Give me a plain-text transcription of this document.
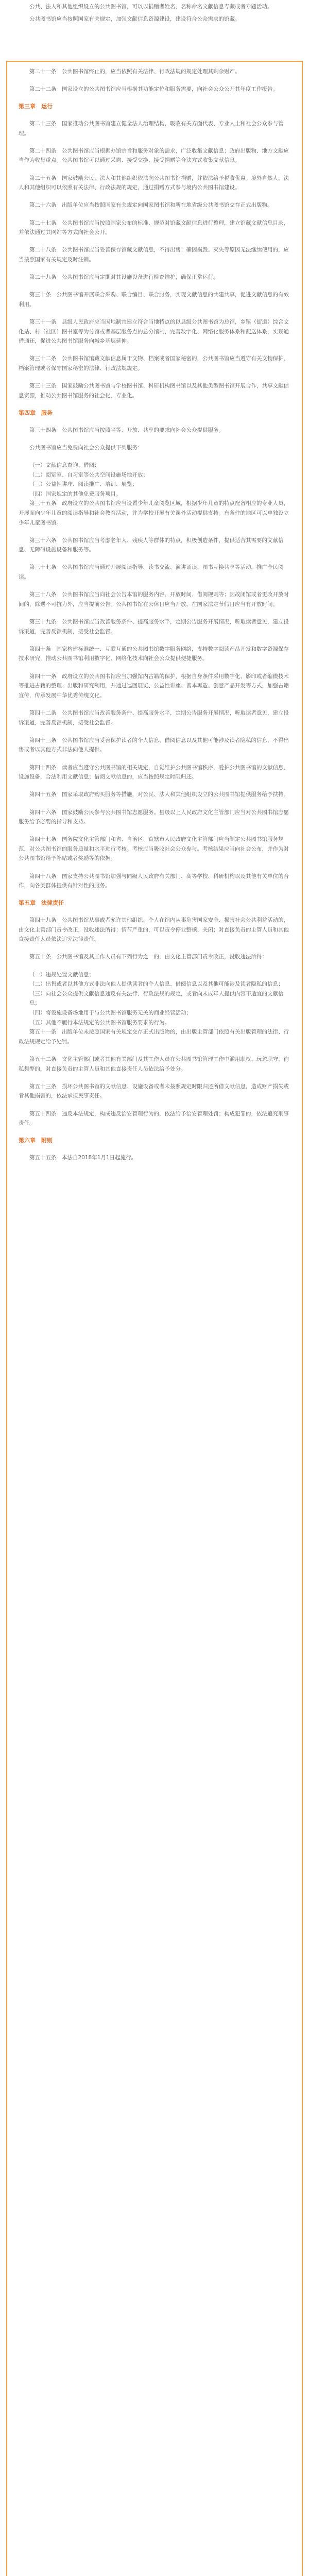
公共、法人和其他组织设立的公共图书馆，可以以捐赠者姓名、名称命名文献信息专藏或者专题活动。

公共图书馆应当按照国家有关规定，加强文献信息资源建设，建设符合公众需求的馆藏。

第二十一条　 公共图书馆终止的，应当依照有关法律、行政法规的规定处理其剩余财产。

第二十二条　 国家设立的公共图书馆应当根据其功能定位和服务需要，向社会公众公开其年度工作报告。

第三章　运行

第二十三条　 国家推动公共图书馆建立健全法人治理结构，吸收有关方面代表、专业人士和社会公众参与管理。

第二十四条　 公共图书馆应当根据办馆宗旨和服务对象的需求，广泛收集文献信息；政府出版物、地方文献应当作为收集重点。公共图书馆可以通过采购、接受交换、接受捐赠等合法方式收集文献信息。

第二十五条　 国家鼓励公民、法人和其他组织依法向公共图书馆捐赠，并依法给予税收优惠。境外自然人、法人和其他组织可以依照有关法律、行政法规的规定，通过捐赠方式参与境内公共图书馆建设。

第二十六条　 出版单位应当按照国家有关规定向国家图书馆和所在地省级公共图书馆交存正式出版物。

第二十七条　 公共图书馆应当按照国家公布的标准、规范对馆藏文献信息进行整理，建立馆藏文献信息目录，并依法通过其网站等方式向社会公开。

第二十八条　 公共图书馆应当妥善保存馆藏文献信息，不得出售；确因损毁、灭失等原因无法继续使用的，应当按照国家有关规定及时注销。

第二十九条　 公共图书馆应当定期对其设施设备进行检查维护，确保正常运行。

第三十条　 公共图书馆开展联合采购、联合编目、联合服务，实现文献信息的共建共享，促进文献信息的有效利用。

第三十一条　 县级人民政府应当因地制宜建立符合当地特点的以县级公共图书馆为总馆，乡镇（街道）综合文化站、村（社区）图书室等为分馆或者基层服务点的总分馆制，完善数字化、网络化服务体系和配送体系，实现通借通还，促进公共图书馆服务向城乡基层延伸。

第三十二条　 公共图书馆馆藏文献信息属于文物、档案或者国家秘密的，公共图书馆应当遵守有关文物保护、档案管理或者保守国家秘密的法律、行政法规规定。

第三十三条　 国家鼓励公共图书馆与学校图书馆、科研机构图书馆以及其他类型图书馆开展合作，共享文献信息资源，推动公共图书馆服务的社会化、专业化。

第四章　服务

第三十四条　 公共图书馆应当按照平等、开放、共享的要求向社会公众提供服务。

公共图书馆应当免费向社会公众提供下列服务：

（一）文献信息查询、借阅；

（二）阅览室、自习室等公共空间设施场地开放；

（三）公益性讲座、阅读推广、培训、展览；

（四）国家规定的其他免费服务项目。

第三十五条　 政府设立的公共图书馆应当设置少年儿童阅览区域，根据少年儿童的特点配备相应的专业人员，开展面向少年儿童的阅读指导和社会教育活动，并为学校开展有关课外活动提供支持。有条件的地区可以单独设立少年儿童图书馆。

第三十六条　 公共图书馆应当考虑老年人、残疾人等群体的特点，积极创造条件，提供适合其需要的文献信息、无障碍设施设备和服务等。

第三十七条　 公共图书馆应当通过开展阅读指导、读书交流、演讲诵读、图书互换共享等活动，推广全民阅读。

第三十八条　 公共图书馆应当向社会公告本馆的服务内容、开放时间、借阅规则等；因故闭馆或者更改开放时间的，除遇不可抗力外，应当提前公告。公共图书馆在公休日应当开放，在国家法定节假日应当有开放时间。

第三十九条　 公共图书馆应当改善服务条件、提高服务水平，定期公告服务开展情况，听取读者意见，建立投诉渠道，完善反馈机制，接受社会监督。

第四十条　 国家构建标准统一、互联互通的公共图书馆数字服务网络，支持数字阅读产品开发和数字资源保存技术研究，推动公共图书馆利用数字化、网络化技术向社会公众提供便捷服务。

第四十一条　 政府设立的公共图书馆应当加强馆内古籍的保护，根据自身条件采用数字化、影印或者缩微技术等推进古籍的整理、出版和研究利用，并通过巡回展览、公益性讲座、善本再造、创意产品开发等方式，加强古籍宣传，传承发展中华优秀传统文化。

第四十二条　 公共图书馆应当改善服务条件、提高服务水平，定期公告服务开展情况，听取读者意见，建立投诉渠道，完善反馈机制，接受社会监督。

第四十三条　 公共图书馆应当妥善保护读者的个人信息、借阅信息以及其他可能涉及读者隐私的信息，不得出售或者以其他方式非法向他人提供。

第四十四条　 读者应当遵守公共图书馆的相关规定，自觉维护公共图书馆秩序，爱护公共图书馆的文献信息、设施设备，合法利用文献信息；借阅文献信息的，应当按照规定时限归还。

第四十五条　 国家采取政府购买服务等措施，对公民、法人和其他组织设立的公共图书馆提供服务给予扶持。

第四十六条　 国家鼓励公民参与公共图书馆志愿服务。县级以上人民政府文化主管部门应当对公共图书馆志愿服务给予必要的指导和支持。

第四十七条　 国务院文化主管部门和省、自治区、直辖市人民政府文化主管部门应当制定公共图书馆服务规范，对公共图书馆的服务质量和水平进行考核。考核应当吸收社会公众参与。考核结果应当向社会公布，并作为对公共图书馆给予补贴或者奖励等的依据。

第四十八条　 国家支持公共图书馆加强与同级人民政府有关部门、高等学校、科研机构以及其他有关单位的合作，向各类群体提供有针对性的服务。

第五章　法律责任

第四十九条　 公共图书馆从事或者允许其他组织、个人在馆内从事危害国家安全、损害社会公共利益活动的，由文化主管部门责令改正，没收违法所得；情节严重的，可以责令停业整顿、关闭；对直接负责的主管人员和其他直接责任人员依法追究法律责任。

第五十条　 公共图书馆及其工作人员有下列行为之一的，由文化主管部门责令改正，没收违法所得：

（一）违规处置文献信息；

（二）出售或者以其他方式非法向他人提供读者的个人信息、借阅信息以及其他可能涉及读者隐私的信息；

（三）向社会公众提供文献信息违反有关法律、行政法规的规定，或者向未成年人提供内容不适宜的文献信息；

（四）将设施设备场地用于与公共图书馆服务无关的商业经营活动；

（五）其他不履行本法规定的公共图书馆服务要求的行为。

第五十一条　 出版单位未按照国家有关规定交存正式出版物的，由出版主管部门依照有关出版管理的法律、行政法规规定给予处罚。

第五十二条　 文化主管部门或者其他有关部门及其工作人员在公共图书馆管理工作中滥用职权、玩忽职守、徇私舞弊的，对直接负责的主管人员和其他直接责任人员依法给予处分。

第五十三条　 损坏公共图书馆的文献信息、设施设备或者未按照规定时限归还所借文献信息，造成财产损失或者其他损害的，依法承担民事责任。

第五十四条　 违反本法规定，构成违反治安管理行为的，依法给予治安管理处罚；构成犯罪的，依法追究刑事责任。

第六章　附则

第五十五条　 本法自2018年1月1日起施行。
